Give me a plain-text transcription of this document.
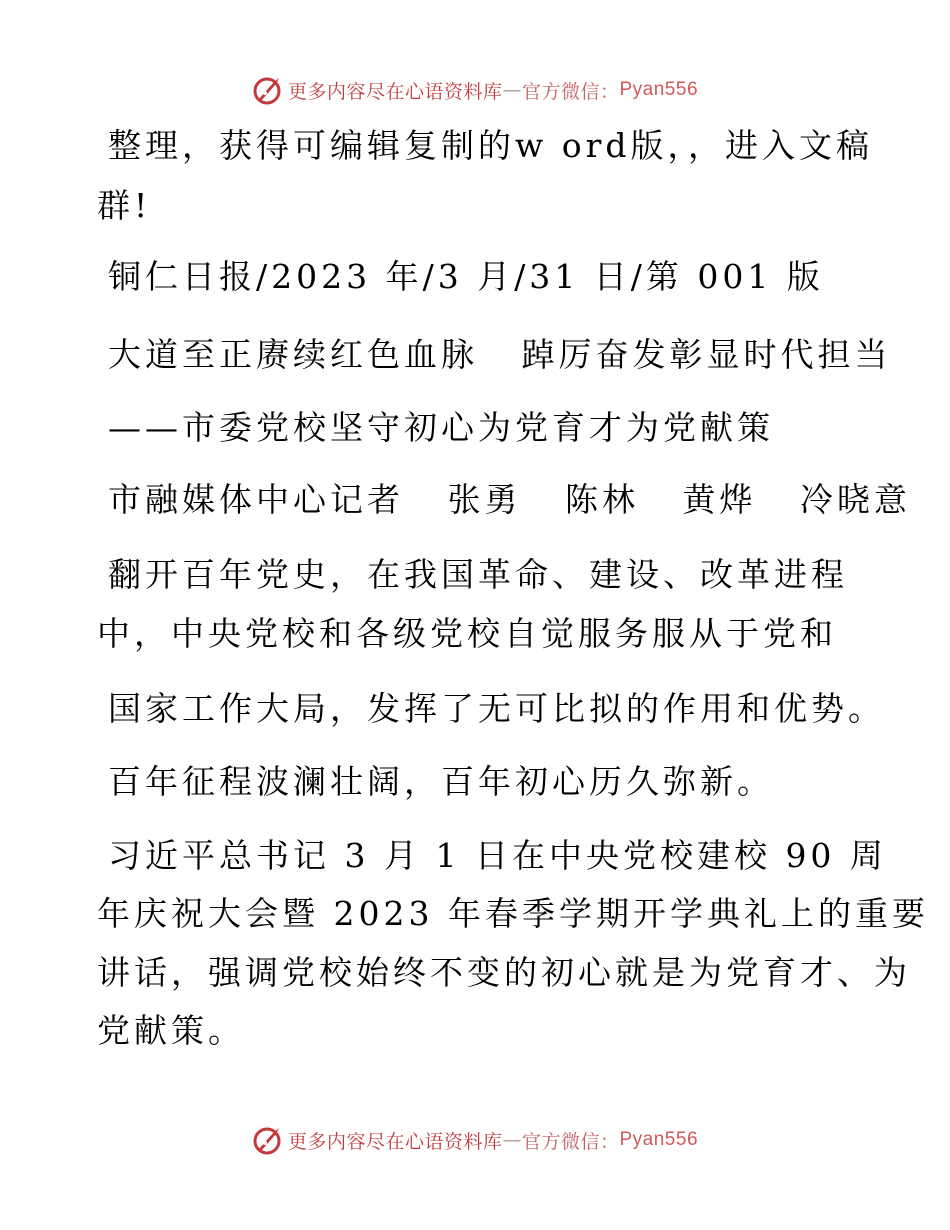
更多内容尽在心语资料库 — 官方微信： Pyan556
整理，获得可编辑复制的w ord版，，进入文稿
群!
铜仁日报/2023 年/3 月/31 日/第 001 版
大道至正赓续红色血脉   踔厉奋发彰显时代担当
——市委党校坚守初心为党育才为党献策
市融媒体中心记者   张勇   陈林   黄烨   冷晓意
翻开百年党史，在我国革命、建设、改革进程
中，中央党校和各级党校自觉服务服从于党和
国家工作大局，发挥了无可比拟的作用和优势。
百年征程波澜壮阔，百年初心历久弥新。
习近平总书记 3 月 1 日在中央党校建校 90 周
年庆祝大会暨 2023 年春季学期开学典礼上的重要
讲话，强调党校始终不变的初心就是为党育才、为
党献策。
更多内容尽在心语资料库 — 官方微信： Pyan556
